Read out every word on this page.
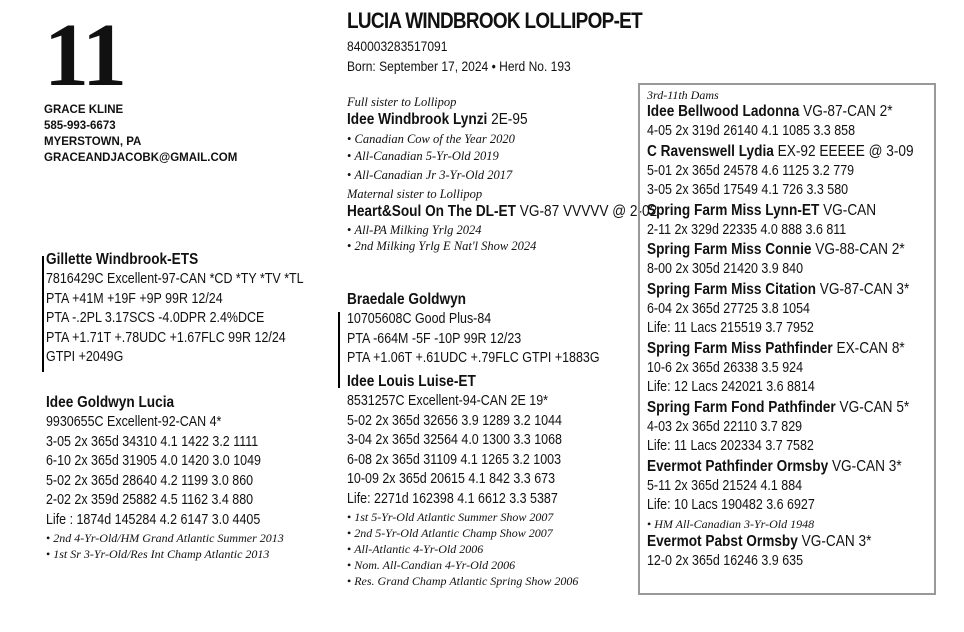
11
GRACE KLINE
585-993-6673
MYERSTOWN, PA
GRACEANDJACOBK@GMAIL.COM
LUCIA WINDBROOK LOLLIPOP-ET
840003283517091
Born: September 17, 2024 • Herd No. 193
Full sister to Lollipop
Idee Windbrook Lynzi 2E-95
• Canadian Cow of the Year 2020
• All-Canadian 5-Yr-Old 2019
• All-Canadian Jr 3-Yr-Old 2017
Maternal sister to Lollipop
Heart&Soul On The DL-ET VG-87 VVVVV @ 2-02
• All-PA Milking Yrlg 2024
• 2nd Milking Yrlg E Nat'l Show 2024
Gillette Windbrook-ETS
7816429C Excellent-97-CAN *CD *TY *TV *TL
PTA +41M +19F +9P 99R 12/24
PTA -.2PL 3.17SCS -4.0DPR 2.4%DCE
PTA +1.71T +.78UDC +1.67FLC 99R 12/24
GTPI +2049G
Idee Goldwyn Lucia
9930655C Excellent-92-CAN 4*
3-05 2x 365d 34310 4.1 1422 3.2 1111
6-10 2x 365d 31905 4.0 1420 3.0 1049
5-02 2x 365d 28640 4.2 1199 3.0 860
2-02 2x 359d 25882 4.5 1162 3.4 880
Life : 1874d 145284 4.2 6147 3.0 4405
• 2nd 4-Yr-Old/HM Grand Atlantic Summer 2013
• 1st Sr 3-Yr-Old/Res Int Champ Atlantic 2013
Braedale Goldwyn
10705608C Good Plus-84
PTA -664M -5F -10P 99R 12/23
PTA +1.06T +.61UDC +.79FLC GTPI +1883G
Idee Louis Luise-ET
8531257C Excellent-94-CAN 2E 19*
5-02 2x 365d 32656 3.9 1289 3.2 1044
3-04 2x 365d 32564 4.0 1300 3.3 1068
6-08 2x 365d 31109 4.1 1265 3.2 1003
10-09 2x 365d 20615 4.1 842 3.3 673
Life: 2271d 162398 4.1 6612 3.3 5387
• 1st 5-Yr-Old Atlantic Summer Show 2007
• 2nd 5-Yr-Old Atlantic Champ Show 2007
• All-Atlantic 4-Yr-Old 2006
• Nom. All-Candian 4-Yr-Old 2006
• Res. Grand Champ Atlantic Spring Show 2006
3rd-11th Dams
Idee Bellwood Ladonna VG-87-CAN 2*
4-05 2x 319d 26140 4.1 1085 3.3 858
C Ravenswell Lydia EX-92 EEEEE @ 3-09
5-01 2x 365d 24578 4.6 1125 3.2 779
3-05 2x 365d 17549 4.1 726 3.3 580
Spring Farm Miss Lynn-ET VG-CAN
2-11 2x 329d 22335 4.0 888 3.6 811
Spring Farm Miss Connie VG-88-CAN 2*
8-00 2x 305d 21420 3.9 840
Spring Farm Miss Citation VG-87-CAN 3*
6-04 2x 365d 27725 3.8 1054
Life: 11 Lacs 215519 3.7 7952
Spring Farm Miss Pathfinder EX-CAN 8*
10-6 2x 365d 26338 3.5 924
Life: 12 Lacs 242021 3.6 8814
Spring Farm Fond Pathfinder VG-CAN 5*
4-03 2x 365d 22110 3.7 829
Life: 11 Lacs 202334 3.7 7582
Evermot Pathfinder Ormsby VG-CAN 3*
5-11 2x 365d 21524 4.1 884
Life: 10 Lacs 190482 3.6 6927
• HM All-Canadian 3-Yr-Old 1948
Evermot Pabst Ormsby VG-CAN 3*
12-0 2x 365d 16246 3.9 635
